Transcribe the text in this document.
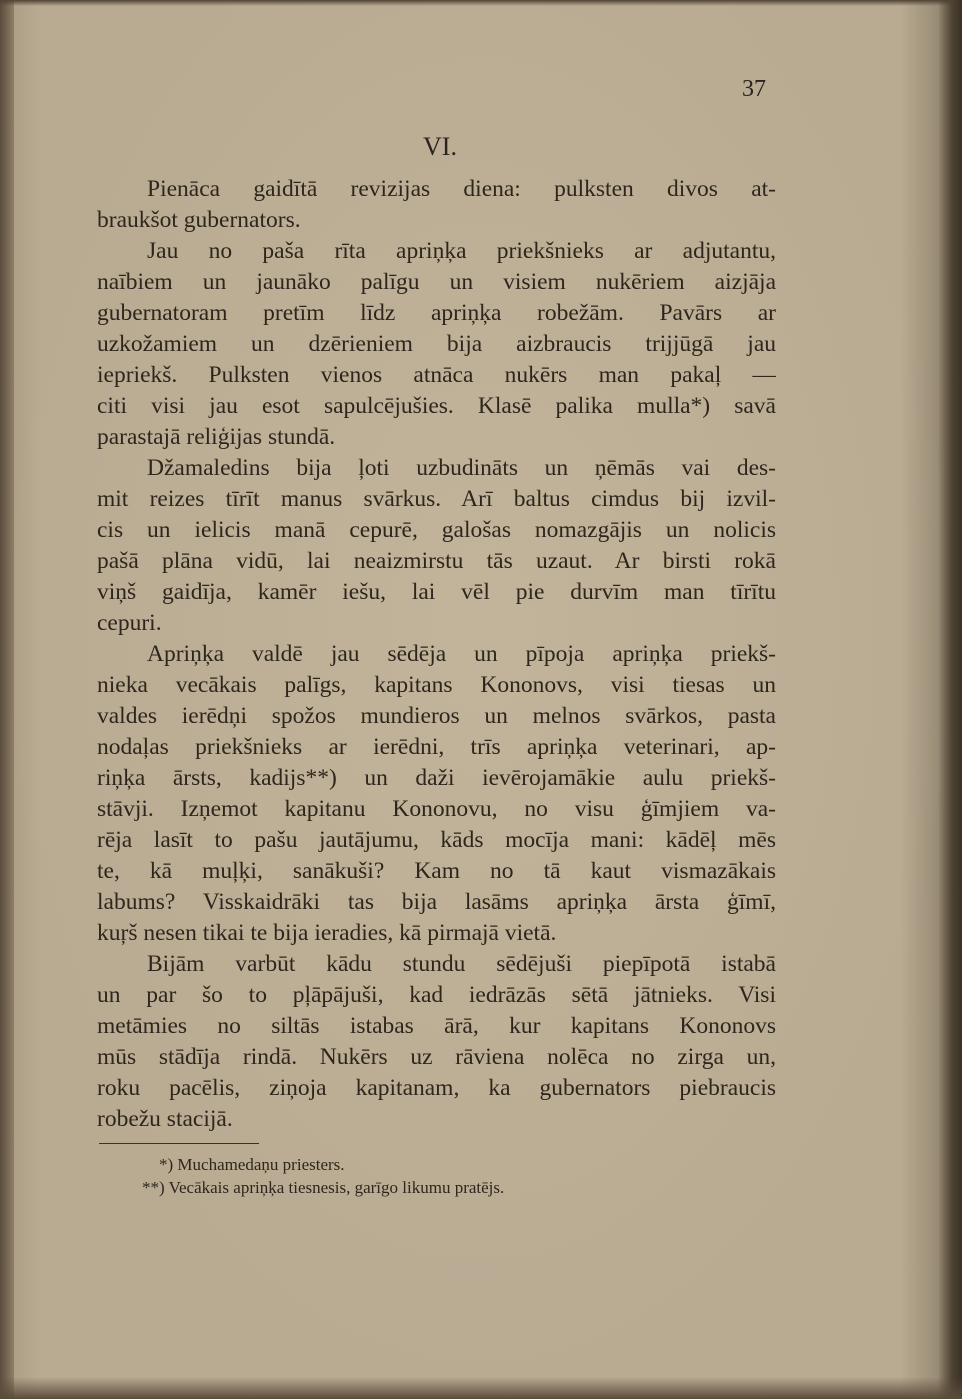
37
VI.
Pienāca gaidītā revizijas diena: pulksten divos at-
braukšot gubernators.
Jau no paša rīta apriņķa priekšnieks ar adjutantu,
naībiem un jaunāko palīgu un visiem nukēriem aizjāja
gubernatoram pretīm līdz apriņķa robežām. Pavārs ar
uzkožamiem un dzērieniem bija aizbraucis trijjūgā jau
iepriekš. Pulksten vienos atnāca nukērs man pakaļ —
citi visi jau esot sapulcējušies. Klasē palika mulla*) savā
parastajā reliģijas stundā.
Džamaledins bija ļoti uzbudināts un ņēmās vai des-
mit reizes tīrīt manus svārkus. Arī baltus cimdus bij izvil-
cis un ielicis manā cepurē, galošas nomazgājis un nolicis
pašā plāna vidū, lai neaizmirstu tās uzaut. Ar birsti rokā
viņš gaidīja, kamēr iešu, lai vēl pie durvīm man tīrītu
cepuri.
Apriņķa valdē jau sēdēja un pīpoja apriņķa priekš-
nieka vecākais palīgs, kapitans Kononovs, visi tiesas un
valdes ierēdņi spožos mundieros un melnos svārkos, pasta
nodaļas priekšnieks ar ierēdni, trīs apriņķa veterinari, ap-
riņķa ārsts, kadijs**) un daži ievērojamākie aulu priekš-
stāvji. Izņemot kapitanu Kononovu, no visu ģīmjiem va-
rēja lasīt to pašu jautājumu, kāds mocīja mani: kādēļ mēs
te, kā muļķi, sanākuši? Kam no tā kaut vismazākais
labums? Visskaidrāki tas bija lasāms apriņķa ārsta ģīmī,
kuŗš nesen tikai te bija ieradies, kā pirmajā vietā.
Bijām varbūt kādu stundu sēdējuši piepīpotā istabā
un par šo to pļāpājuši, kad iedrāzās sētā jātnieks. Visi
metāmies no siltās istabas ārā, kur kapitans Kononovs
mūs stādīja rindā. Nukērs uz rāviena nolēca no zirga un,
roku pacēlis, ziņoja kapitanam, ka gubernators piebraucis
robežu stacijā.
*) Muchamedaņu priesters.
**) Vecākais apriņķa tiesnesis, garīgo likumu pratējs.
